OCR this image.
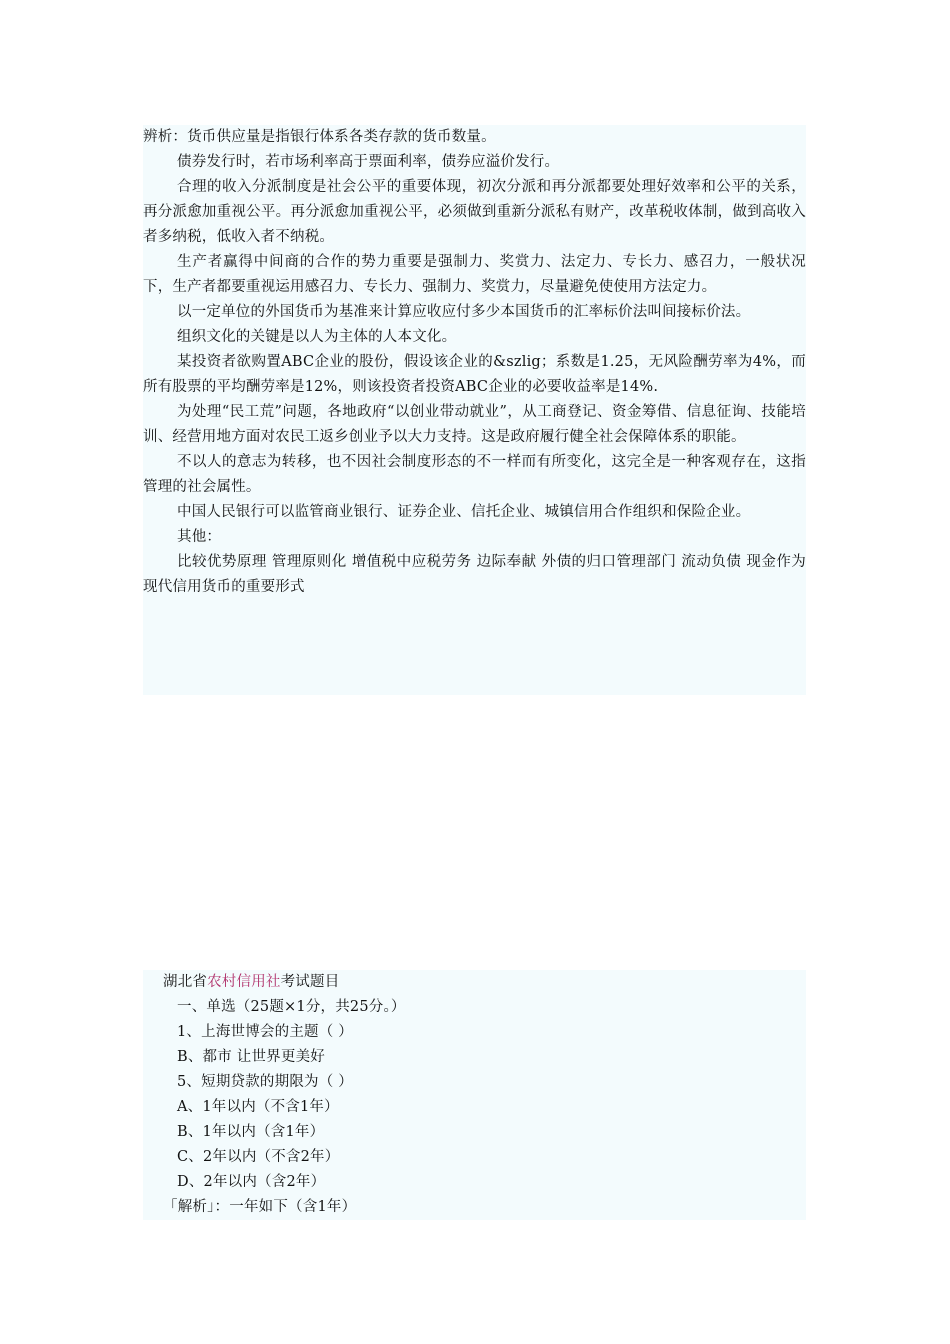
辨析：货币供应量是指银行体系各类存款的货币数量。

债券发行时，若市场利率高于票面利率，债券应溢价发行。

合理的收入分派制度是社会公平的重要体现，初次分派和再分派都要处理好效率和公平的关系，再分派愈加重视公平。再分派愈加重视公平，必须做到重新分派私有财产，改革税收体制，做到高收入者多纳税，低收入者不纳税。

生产者赢得中间商的合作的势力重要是强制力、奖赏力、法定力、专长力、感召力，一般状况下，生产者都要重视运用感召力、专长力、强制力、奖赏力，尽量避免使使用方法定力。

以一定单位的外国货币为基准来计算应收应付多少本国货币的汇率标价法叫间接标价法。

组织文化的关键是以人为主体的人本文化。

某投资者欲购置ABC企业的股份，假设该企业的&szlig；系数是1.25，无风险酬劳率为4%，而所有股票的平均酬劳率是12%，则该投资者投资ABC企业的必要收益率是14%.

为处理“民工荒”问题，各地政府“以创业带动就业”，从工商登记、资金筹借、信息征询、技能培训、经营用地方面对农民工返乡创业予以大力支持。这是政府履行健全社会保障体系的职能。

不以人的意志为转移，也不因社会制度形态的不一样而有所变化，这完全是一种客观存在，这指管理的社会属性。

中国人民银行可以监管商业银行、证券企业、信托企业、城镇信用合作组织和保险企业。

其他：

比较优势原理 管理原则化 增值税中应税劳务 边际奉献 外债的归口管理部门 流动负债 现金作为现代信用货币的重要形式

湖北省农村信用社考试题目

一、单选（25题×1分，共25分。）

1、上海世博会的主题（ ）

B、都市 让世界更美好

5、短期贷款的期限为（ ）

A、1年以内（不含1年）

B、1年以内（含1年）

C、2年以内（不含2年）

D、2年以内（含2年）

「解析」：一年如下（含1年）
